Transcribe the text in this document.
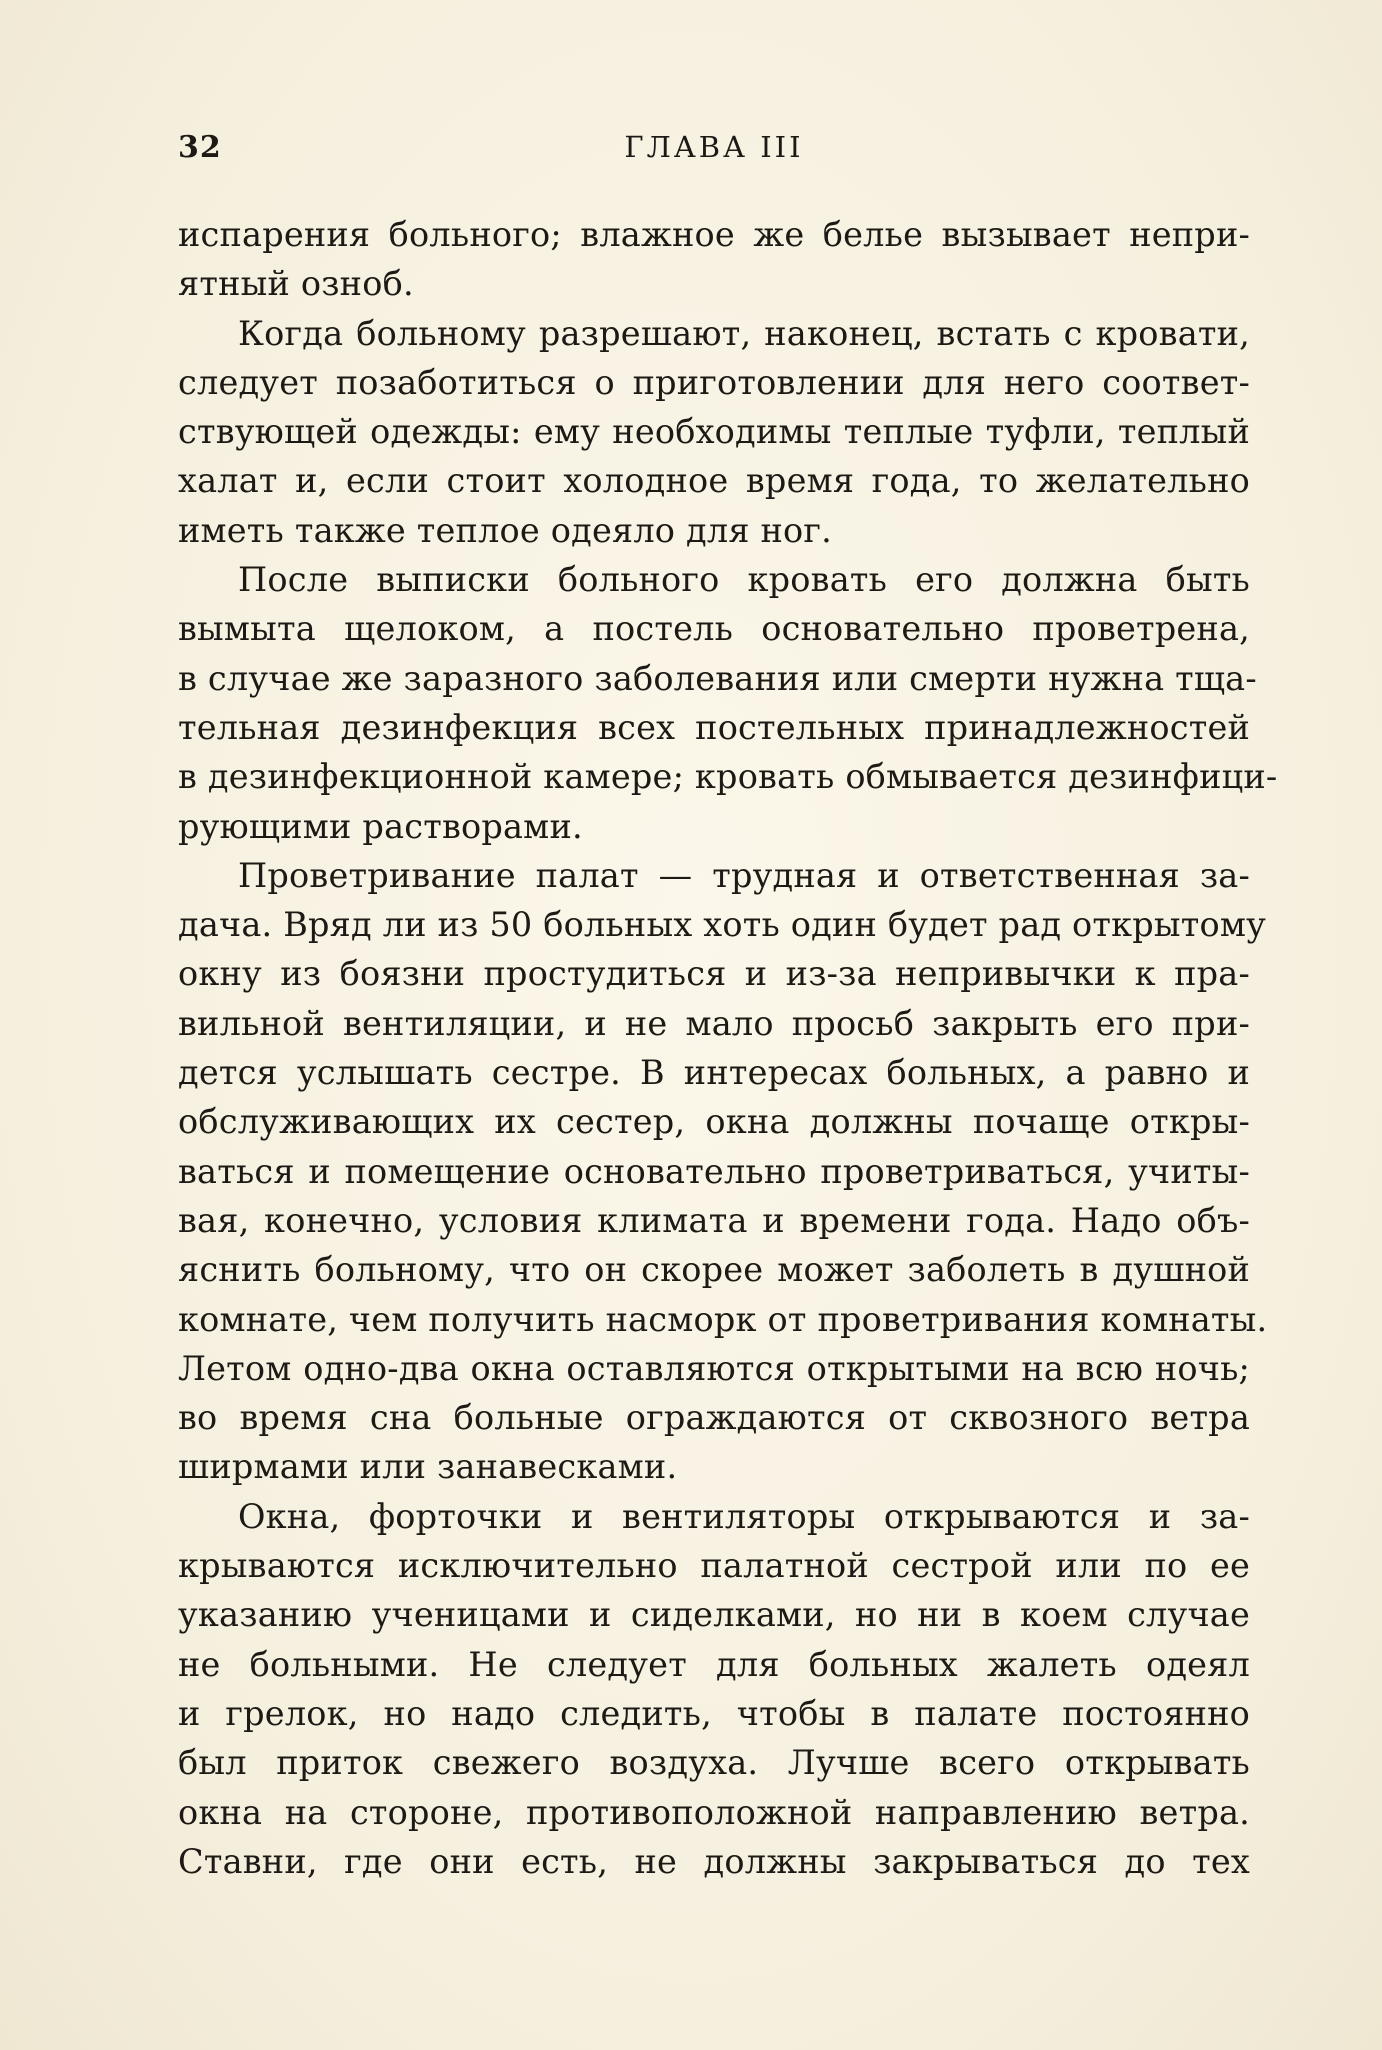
32	ГЛАВА III
испарения больного; влажное же белье вызывает непри-
ятный озноб.
Когда больному разрешают, наконец, встать с кровати,
следует позаботиться о приготовлении для него соответ-
ствующей одежды: ему необходимы теплые туфли, теплый
халат и, если стоит холодное время года, то желательно
иметь также теплое одеяло для ног.
После выписки больного кровать его должна быть
вымыта щелоком, а постель основательно проветрена,
в случае же заразного заболевания или смерти нужна тща-
тельная дезинфекция всех постельных принадлежностей
в дезинфекционной камере; кровать обмывается дезинфици-
рующими растворами.
Проветривание палат — трудная и ответственная за-
дача. Вряд ли из 50 больных хоть один будет рад открытому
окну из боязни простудиться и из-за непривычки к пра-
вильной вентиляции, и не мало просьб закрыть его при-
дется услышать сестре. В интересах больных, а равно и
обслуживающих их сестер, окна должны почаще откры-
ваться и помещение основательно проветриваться, учиты-
вая, конечно, условия климата и времени года. Надо объ-
яснить больному, что он скорее может заболеть в душной
комнате, чем получить насморк от проветривания комнаты.
Летом одно-два окна оставляются открытыми на всю ночь;
во время сна больные ограждаются от сквозного ветра
ширмами или занавесками.
Окна, форточки и вентиляторы открываются и за-
крываются исключительно палатной сестрой или по ее
указанию ученицами и сиделками, но ни в коем случае
не больными. Не следует для больных жалеть одеял
и грелок, но надо следить, чтобы в палате постоянно
был приток свежего воздуха. Лучше всего открывать
окна на стороне, противоположной направлению ветра.
Ставни, где они есть, не должны закрываться до тех
